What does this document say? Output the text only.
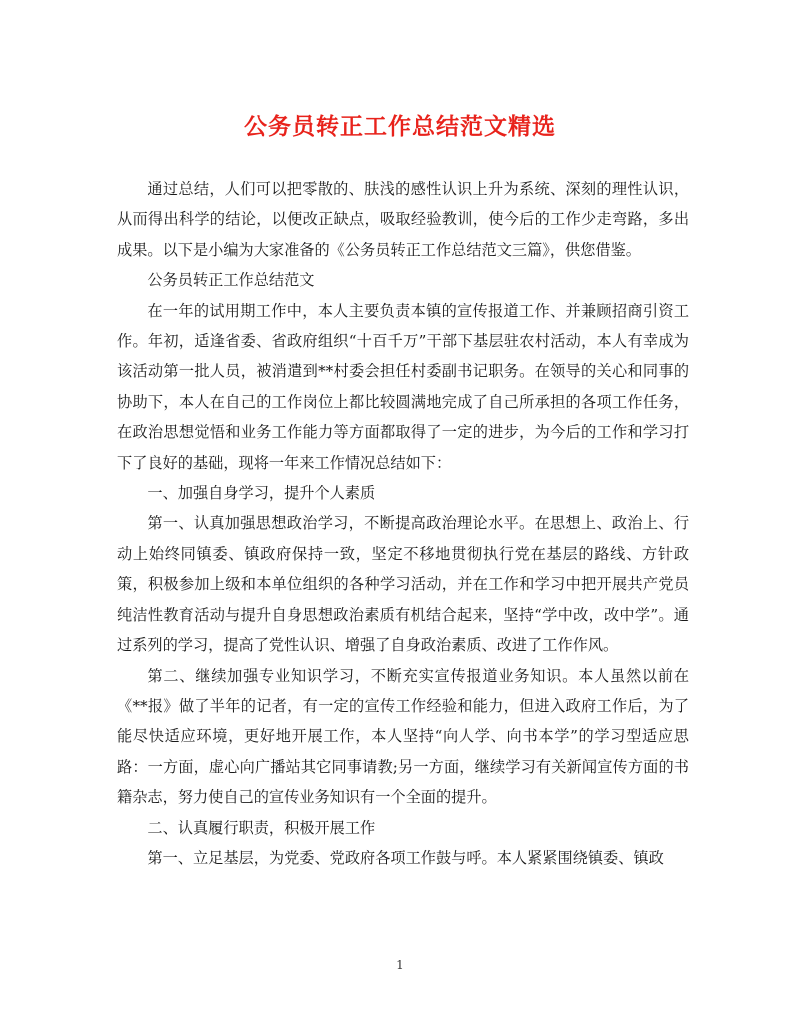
公务员转正工作总结范文精选

通过总结，人们可以把零散的、肤浅的感性认识上升为系统、深刻的理性认识，从而得出科学的结论，以便改正缺点，吸取经验教训，使今后的工作少走弯路，多出成果。以下是小编为大家准备的《公务员转正工作总结范文三篇》，供您借鉴。

公务员转正工作总结范文

在一年的试用期工作中，本人主要负责本镇的宣传报道工作、并兼顾招商引资工作。年初，适逢省委、省政府组织“十百千万”干部下基层驻农村活动，本人有幸成为该活动第一批人员，被消遣到**村委会担任村委副书记职务。在领导的关心和同事的协助下，本人在自己的工作岗位上都比较圆满地完成了自己所承担的各项工作任务，在政治思想觉悟和业务工作能力等方面都取得了一定的进步，为今后的工作和学习打下了良好的基础，现将一年来工作情况总结如下：

一、加强自身学习，提升个人素质

第一、认真加强思想政治学习，不断提高政治理论水平。在思想上、政治上、行动上始终同镇委、镇政府保持一致，坚定不移地贯彻执行党在基层的路线、方针政策，积极参加上级和本单位组织的各种学习活动，并在工作和学习中把开展共产党员纯洁性教育活动与提升自身思想政治素质有机结合起来，坚持“学中改，改中学”。通过系列的学习，提高了党性认识、增强了自身政治素质、改进了工作作风。

第二、继续加强专业知识学习，不断充实宣传报道业务知识。本人虽然以前在《**报》做了半年的记者，有一定的宣传工作经验和能力，但进入政府工作后，为了能尽快适应环境，更好地开展工作，本人坚持“向人学、向书本学”的学习型适应思路：一方面，虚心向广播站其它同事请教;另一方面，继续学习有关新闻宣传方面的书籍杂志，努力使自己的宣传业务知识有一个全面的提升。

二、认真履行职责，积极开展工作

第一、立足基层，为党委、党政府各项工作鼓与呼。本人紧紧围绕镇委、镇政

1
